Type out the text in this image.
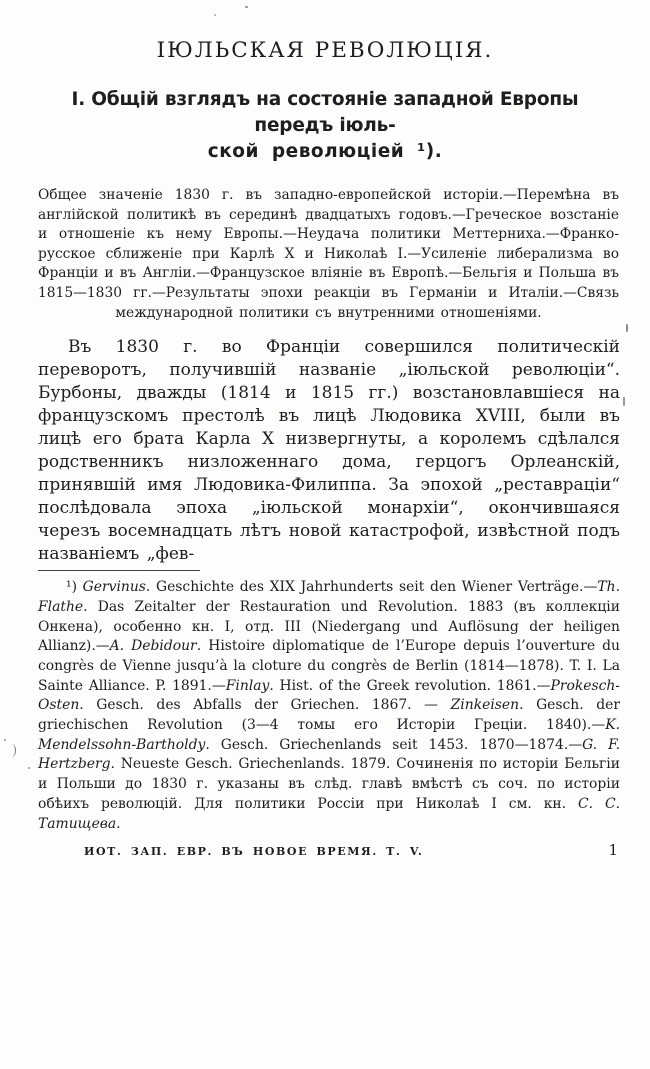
ІЮЛЬСКАЯ РЕВОЛЮЦІЯ.
I. Общій взглядъ на состояніе западной Европы передъ іюль-
ской революціей ¹).

Общее значеніе 1830 г. въ западно-европейской исторіи.—Перемѣна въ англійской политикѣ въ серединѣ двадцатыхъ годовъ.—Греческое возстаніе и отношеніе къ нему Европы.—Неудача политики Меттерниха.—Франко-русское сближеніе при Карлѣ X и Николаѣ I.—Усиленіе либерализма во Франціи и въ Англіи.—Французское вліяніе въ Европѣ.—Бельгія и Польша въ 1815—1830 гг.—Результаты эпохи реакціи въ Германіи и Италіи.—Связь международной политики съ внутренними отношеніями.

Въ 1830 г. во Франціи совершился политическій переворотъ, получившій названіе „іюльской революціи“. Бурбоны, дважды (1814 и 1815 гг.) возстановлавшіеся на французскомъ престолѣ въ лицѣ Людовика XVIII, были въ лицѣ его брата Карла X низвергнуты, а королемъ сдѣлался родственникъ низложеннаго дома, герцогъ Орлеанскій, принявшій имя Людовика-Филиппа. За эпохой „реставраціи“ послѣдовала эпоха „іюльской монархіи“, окончившаяся черезъ восемнадцать лѣтъ новой катастрофой, извѣстной подъ названіемъ „фев-

¹) Gervinus. Geschichte des XIX Jahrhunderts seit den Wiener Verträge.—Th. Flathe. Das Zeitalter der Restauration und Revolution. 1883 (въ коллекціи Онкена), особенно кн. I, отд. III (Niedergang und Auflösung der heiligen Allianz).—A. Debidour. Histoire diplomatique de l’Europe depuis l’ouverture du congrès de Vienne jusqu’à la cloture du congrès de Berlin (1814—1878). T. I. La Sainte Alliance. P. 1891.—Finlay. Hist. of the Greek revolution. 1861.—Prokesch-Osten. Gesch. des Abfalls der Griechen. 1867. — Zinkeisen. Gesch. der griechischen Revolution (3—4 томы его Исторіи Греціи. 1840).—K. Mendelssohn-Bartholdy. Gesch. Griechenlands seit 1453. 1870—1874.—G. F. Hertzberg. Neueste Gesch. Griechenlands. 1879. Сочиненія по исторіи Бельгіи и Польши до 1830 г. указаны въ слѣд. главѣ вмѣстѣ съ соч. по исторіи обѣихъ революцій. Для политики Россіи при Николаѣ I см. кн. С. С. Татищева.

ИОТ. ЗАП. ЕВР. ВЪ НОВОЕ ВРЕМЯ. Т. V.	1
